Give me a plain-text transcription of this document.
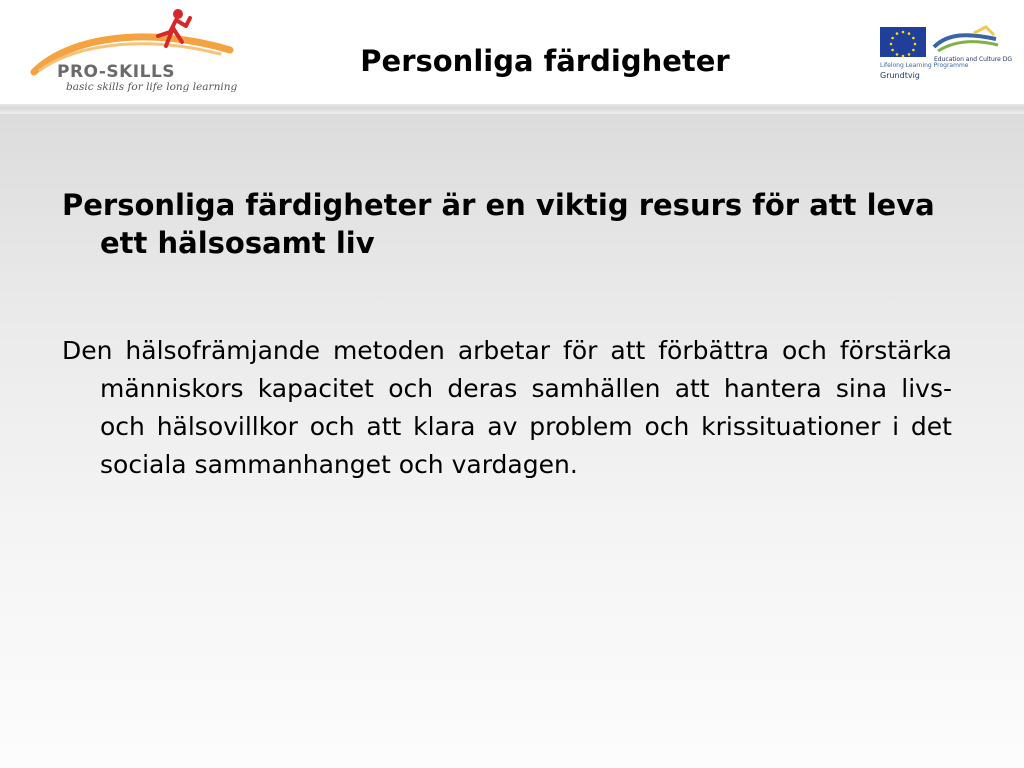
PRO-SKILLS
basic skills for life long learning
Personliga färdigheter	Education and Culture DG
Lifelong Learning Programme
Grundtvig
Personliga färdigheter är en viktig resurs för att leva ett hälsosamt liv
Den hälsofrämjande metoden arbetar för att förbättra och förstärka människors kapacitet och deras samhällen att hantera sina livs- och hälsovillkor och att klara av problem och krissituationer i det sociala sammanhanget och vardagen.
